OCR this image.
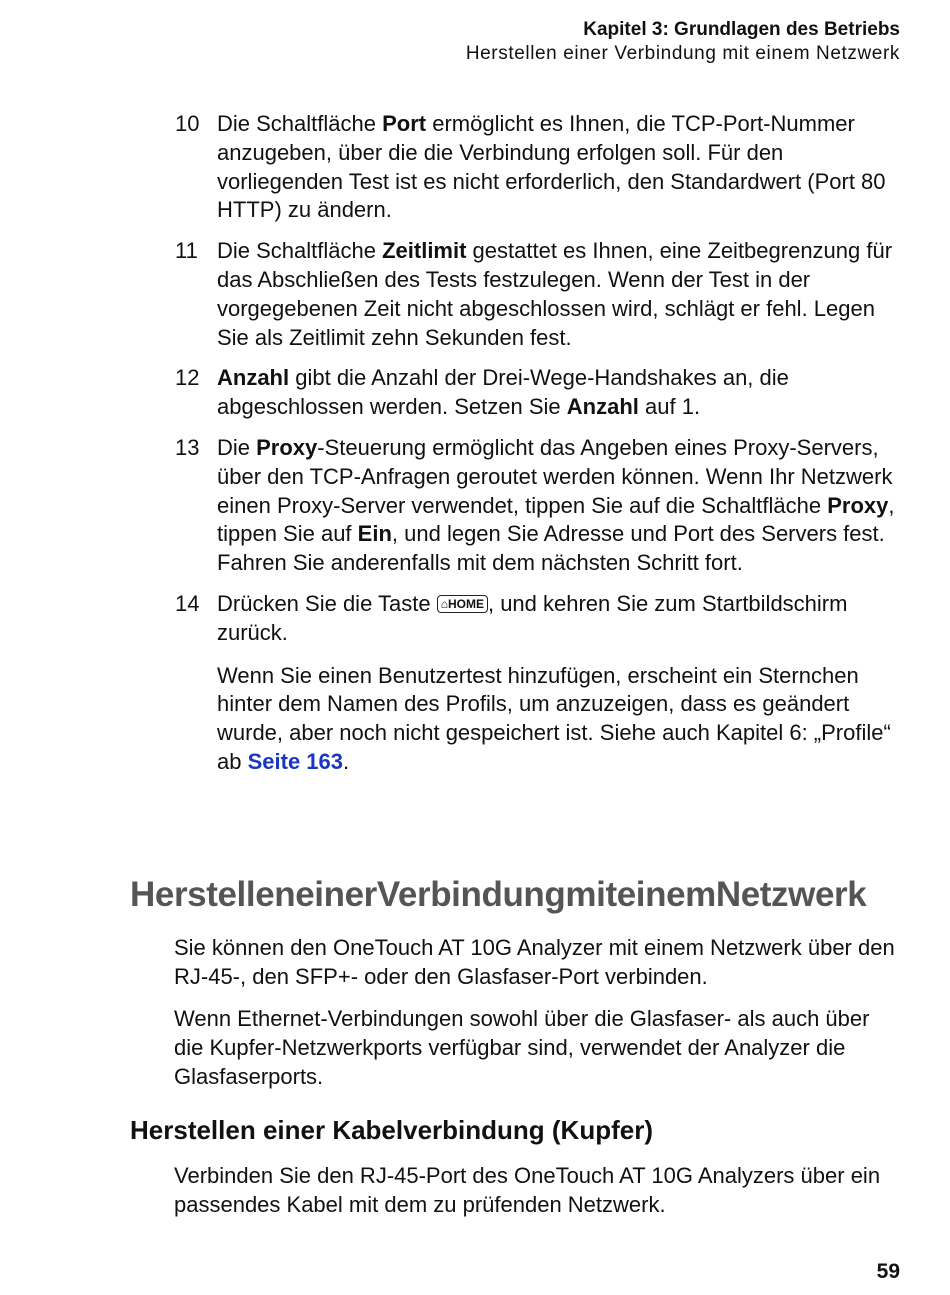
Kapitel 3: Grundlagen des Betriebs
Herstellen einer Verbindung mit einem Netzwerk
10 Die Schaltfläche Port ermöglicht es Ihnen, die TCP-Port-Nummer anzugeben, über die die Verbindung erfolgen soll. Für den vorliegenden Test ist es nicht erforderlich, den Standardwert (Port 80 HTTP) zu ändern.
11 Die Schaltfläche Zeitlimit gestattet es Ihnen, eine Zeitbegrenzung für das Abschließen des Tests festzulegen. Wenn der Test in der vorgegebenen Zeit nicht abgeschlossen wird, schlägt er fehl. Legen Sie als Zeitlimit zehn Sekunden fest.
12 Anzahl gibt die Anzahl der Drei-Wege-Handshakes an, die abgeschlossen werden. Setzen Sie Anzahl auf 1.
13 Die Proxy-Steuerung ermöglicht das Angeben eines Proxy-Servers, über den TCP-Anfragen geroutet werden können. Wenn Ihr Netzwerk einen Proxy-Server verwendet, tippen Sie auf die Schaltfläche Proxy, tippen Sie auf Ein, und legen Sie Adresse und Port des Servers fest. Fahren Sie anderenfalls mit dem nächsten Schritt fort.
14 Drücken Sie die Taste ⌂HOME , und kehren Sie zum Startbildschirm zurück.
Wenn Sie einen Benutzertest hinzufügen, erscheint ein Sternchen hinter dem Namen des Profils, um anzuzeigen, dass es geändert wurde, aber noch nicht gespeichert ist. Siehe auch Kapitel 6: „Profile“ ab Seite 163.
HerstelleneinerVerbindungmiteinemNetzwerk
Sie können den OneTouch AT 10G Analyzer mit einem Netzwerk über den RJ-45-, den SFP+- oder den Glasfaser-Port verbinden.
Wenn Ethernet-Verbindungen sowohl über die Glasfaser- als auch über die Kupfer-Netzwerkports verfügbar sind, verwendet der Analyzer die Glasfaserports.
Herstellen einer Kabelverbindung (Kupfer)
Verbinden Sie den RJ-45-Port des OneTouch AT 10G Analyzers über ein passendes Kabel mit dem zu prüfenden Netzwerk.
59
